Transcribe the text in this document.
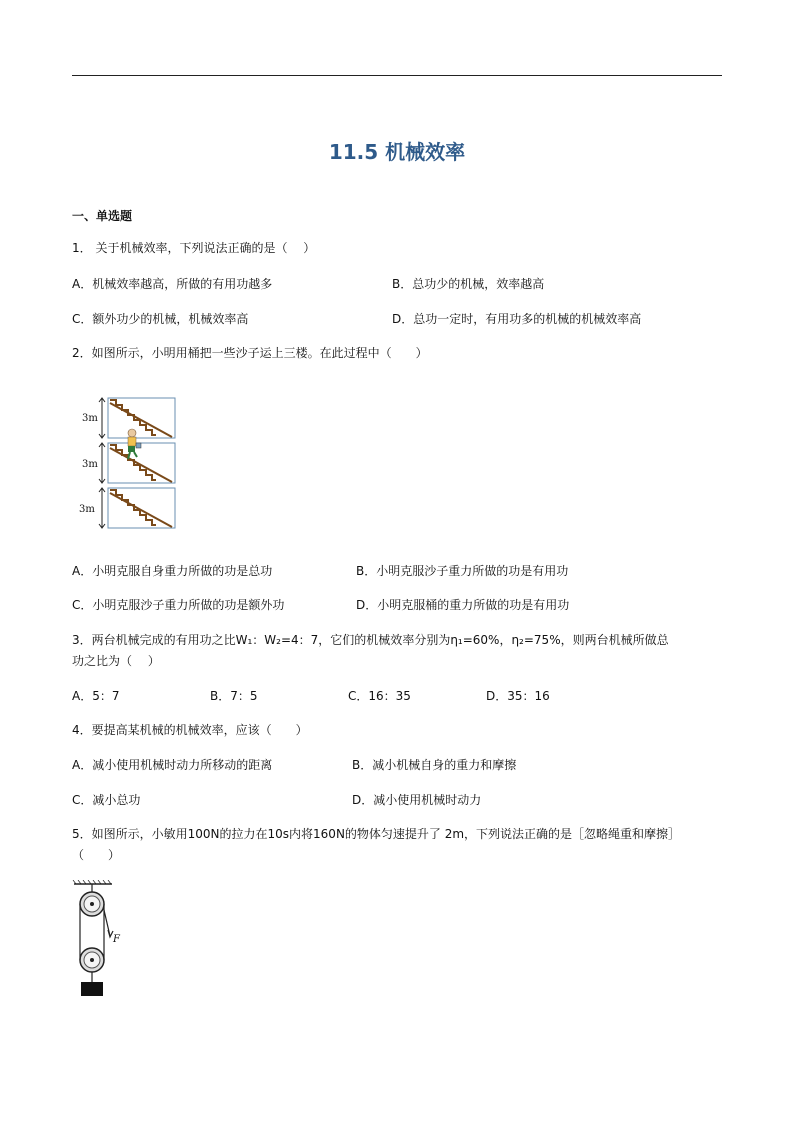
11.5 机械效率
一、单选题
1． 关于机械效率，下列说法正确的是（　 ）
A．机械效率越高，所做的有用功越多	B．总功少的机械，效率越高
C．额外功少的机械，机械效率高	D．总功一定时，有用功多的机械的机械效率高
2．如图所示，小明用桶把一些沙子运上三楼。在此过程中（　　）
3m
3m
3m
A．小明克服自身重力所做的功是总功	B．小明克服沙子重力所做的功是有用功
C．小明克服沙子重力所做的功是额外功	D．小明克服桶的重力所做的功是有用功
3．两台机械完成的有用功之比W₁：W₂=4：7，它们的机械效率分别为η₁=60%，η₂=75%，则两台机械所做总
功之比为（　 ）
A．5：7	B．7：5	C．16：35	D．35：16
4．要提高某机械的机械效率，应该（　　）
A．减小使用机械时动力所移动的距离	B．减小机械自身的重力和摩擦
C．减小总功	D．减小使用机械时动力
5．如图所示，小敏用100N的拉力在10s内将160N的物体匀速提升了 2m，下列说法正确的是［忽略绳重和摩擦］
（　　）
F
